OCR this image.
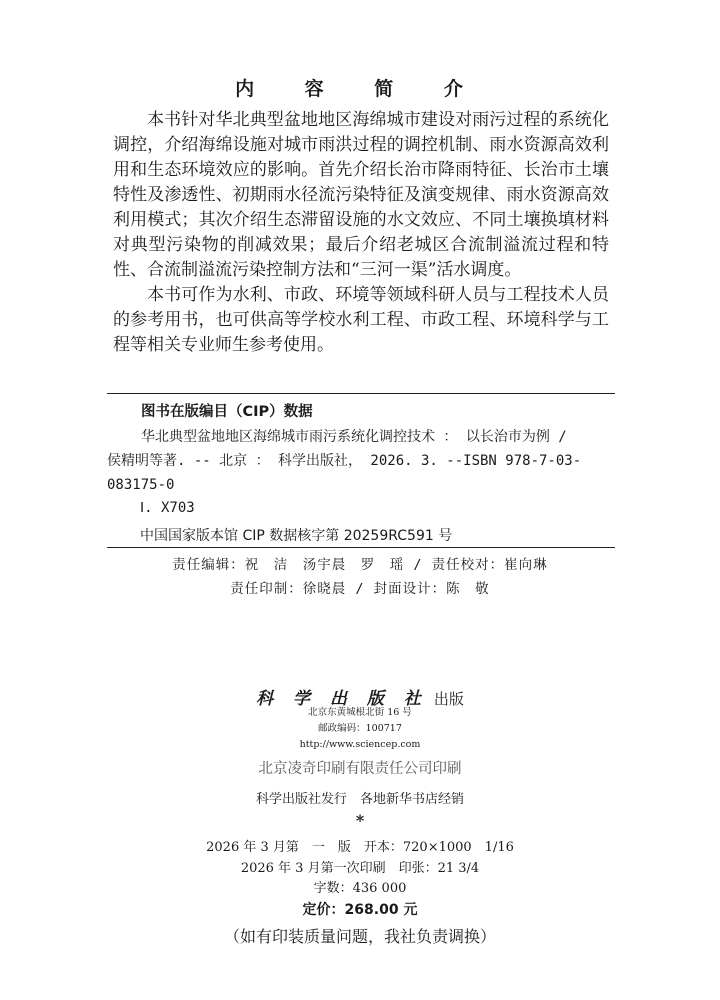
内 容 简 介

本书针对华北典型盆地地区海绵城市建设对雨污过程的系统化调控，介绍海绵设施对城市雨洪过程的调控机制、雨水资源高效利用和生态环境效应的影响。首先介绍长治市降雨特征、长治市土壤特性及渗透性、初期雨水径流污染特征及演变规律、雨水资源高效利用模式；其次介绍生态滞留设施的水文效应、不同土壤换填材料对典型污染物的削减效果；最后介绍老城区合流制溢流过程和特性、合流制溢流污染控制方法和“三河一渠”活水调度。

本书可作为水利、市政、环境等领域科研人员与工程技术人员的参考用书，也可供高等学校水利工程、市政工程、环境科学与工程等相关专业师生参考使用。

图书在版编目（CIP）数据
华北典型盆地地区海绵城市雨污系统化调控技术 ： 以长治市为例 /
侯精明等著. -- 北京 ： 科学出版社， 2026. 3. --ISBN 978-7-03-
083175-0
Ⅰ. X703
中国国家版本馆 CIP 数据核字第 20259RC591 号
责任编辑：祝　洁　汤宇晨　罗　瑶 / 责任校对：崔向琳
责任印制：徐晓晨 / 封面设计：陈　敬
科 学 出 版 社 出版
北京东黄城根北街 16 号
邮政编码：100717
http://www.sciencep.com
北京凌奇印刷有限责任公司印刷
科学出版社发行　各地新华书店经销
*
2026 年 3 月第　一　版　开本：720×1000　1/16
2026 年 3 月第一次印刷　印张：21 3/4
字数：436 000
定价：268.00 元
（如有印装质量问题，我社负责调换）
